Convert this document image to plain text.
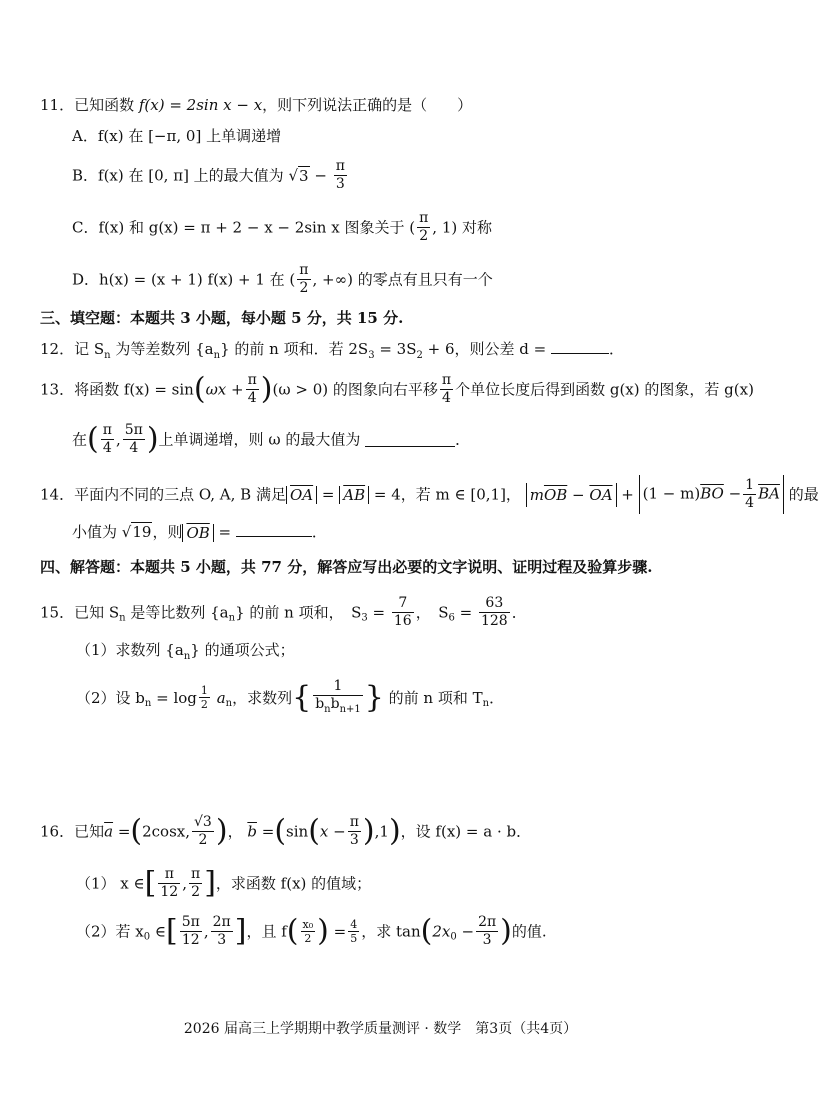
11．已知函数 f(x) = 2sin x − x，则下列说法正确的是（　　）
A．f(x) 在 [−π, 0] 上单调递增
B．f(x) 在 [0, π] 上的最大值为 $√3 - \frac{\pi}{3}$
C．f(x) 和 g(x) = π + 2 − x − 2sin x 图象关于 ( $\frac{\pi}{2}$ , 1) 对称
D．h(x) = (x + 1) f(x) + 1 在 ( $\frac{\pi}{2}$ , +∞) 的零点有且只有一个
三、填空题：本题共 3 小题，每小题 5 分，共 15 分.
12．记 $S_n$ 为等差数列 $\{a_n\}$ 的前 n 项和．若 $2S_3 = 3S_2 + 6$，则公差 d =	．
13．将函数 $f(x) = \sin(\omega x + \frac{\pi}{4} )(\omega > 0)$ 的图象向右平移 $\frac{\pi}{4}$ 个单位长度后得到函数 g(x) 的图象，若 g(x)
在( $\frac{\pi}{4}$ , $\frac{5\pi}{4}$ )上单调递增，则 ω 的最大值为	．
14．平面内不同的三点 O, A, B 满足 $\overline{OA} = \overline{AB} = 4$，若 m ∈ [0,1]， $m\overline{OB} - \overline{OA} + (1 - m)\overline{BO} - \frac{1}{4} \overline{BA}$ 的最
小值为 √19，则 $\overline{OB}$ =	．
四、解答题：本题共 5 小题，共 77 分，解答应写出必要的文字说明、证明过程及验算步骤.
15．已知 $S_n$ 是等比数列 $\{a_n\}$ 的前 n 项和，　$S_3 = \frac{7}{16}$ ，　$S_6 = \frac{63}{128}$ ．
（1）求数列 $\{a_n\}$ 的通项公式；
（2）设 $b_n = \log \frac{1}{2} a_n$，求数列{ $\frac{1}{b_nb_{n+1}}$ } 的前 n 项和 $T_n$．
16．已知$\overline{a} =(2\cos x$, $\frac{√3}{2}$ )， $\overline{b} =(\sin(x - \frac{\pi}{3} ),1)$，设 f(x) = a · b．
（1） x ∈[ $\frac{\pi}{12}$ , $\frac{\pi}{2}$ ]，求函数 f(x) 的值域；
（2）若 $x_0$ ∈[ $\frac{5\pi}{12}$ , $\frac{2\pi}{3}$ ]，且 $f( \frac{\text{x₀}}{2}$ ) = $\frac{4}{5}$ ，求 $\tan(2x_0 - \frac{2\pi}{3}$ )的值.
2026 届高三上学期期中教学质量测评 · 数学　第3页（共4页）
